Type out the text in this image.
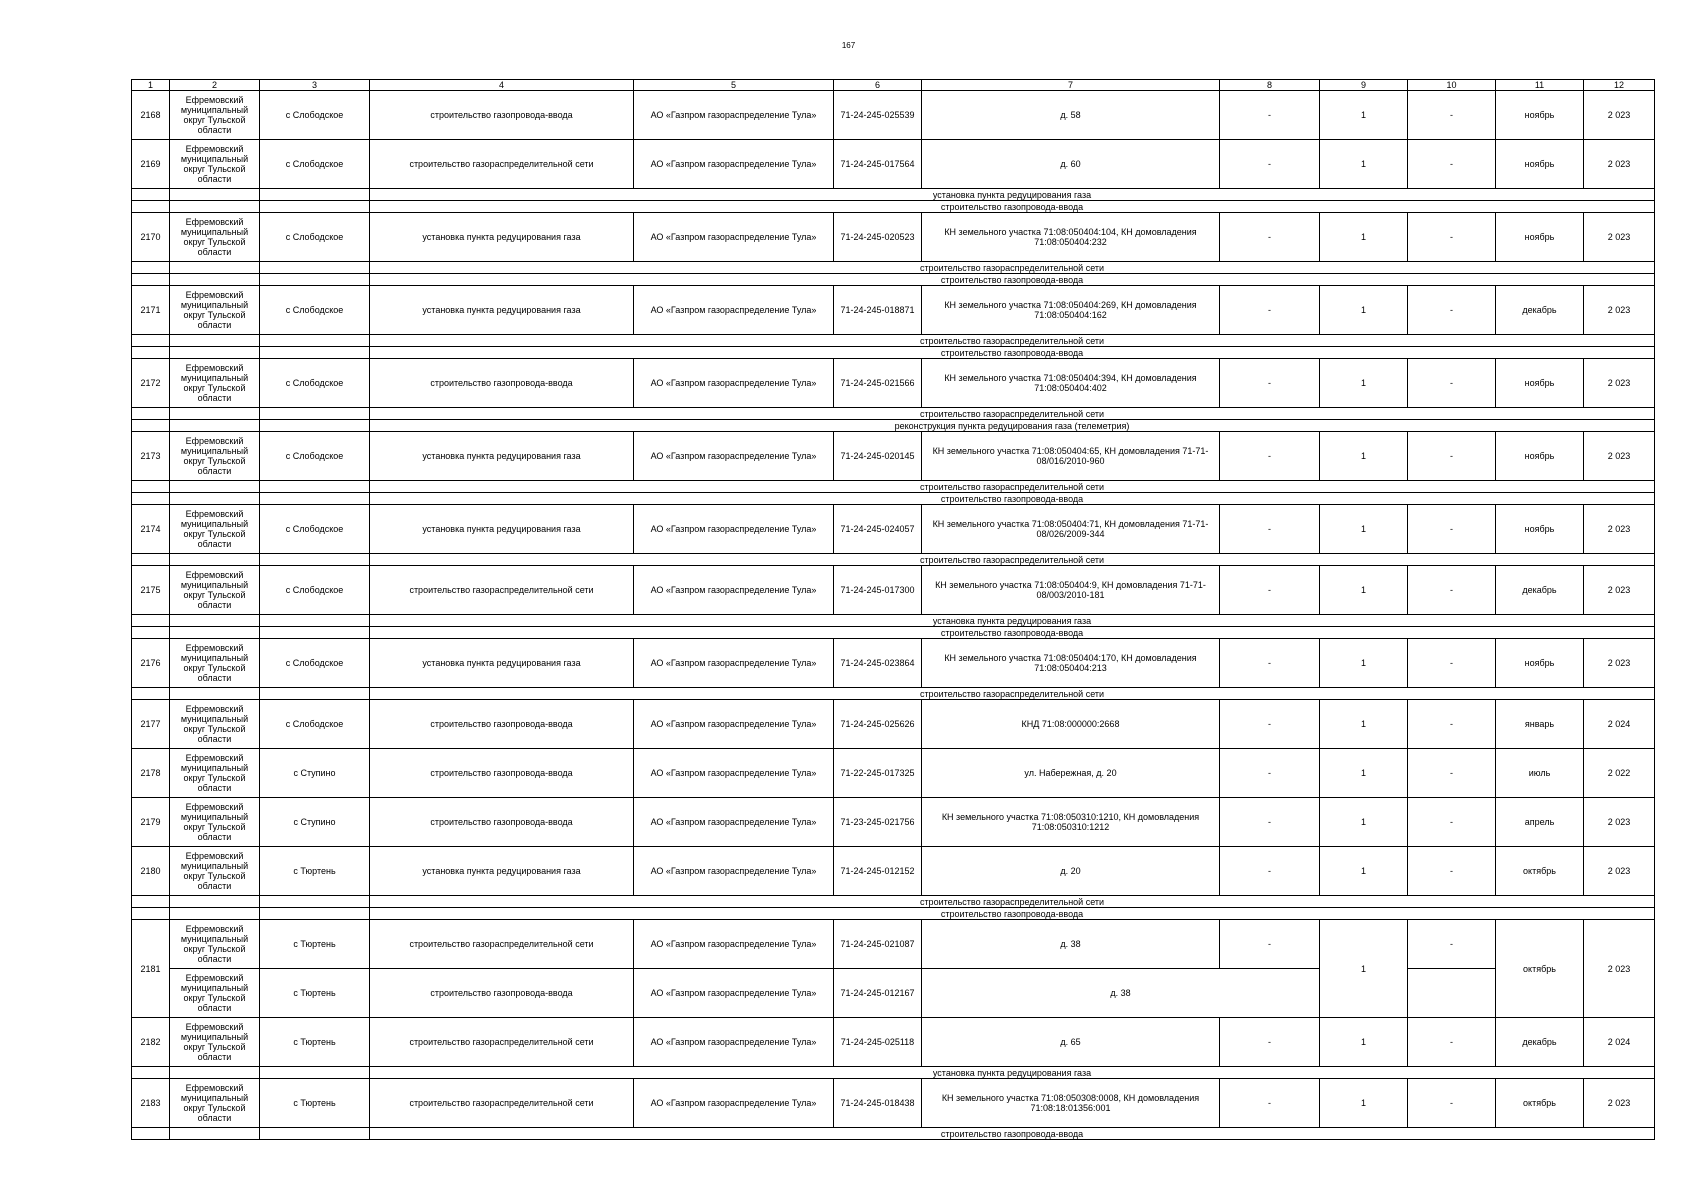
167
1	2	3	4	5	6	7	8	9	10	11	12
2168	Ефремовский муниципальный округ Тульской области	с Слободское	строительство газопровода-ввода	АО «Газпром газораспределение Тула»	71-24-245-025539	д. 58	-	1	-	ноябрь	2 023
2169	Ефремовский муниципальный округ Тульской области	с Слободское	строительство газораспределительной сети	АО «Газпром газораспределение Тула»	71-24-245-017564	д. 60	-	1	-	ноябрь	2 023
			установка пункта редуцирования газа								
			строительство газопровода-ввода								
2170	Ефремовский муниципальный округ Тульской области	с Слободское	установка пункта редуцирования газа	АО «Газпром газораспределение Тула»	71-24-245-020523	КН земельного участка 71:08:050404:104, КН домовладения 71:08:050404:232	-	1	-	ноябрь	2 023
			строительство газораспределительной сети								
			строительство газопровода-ввода								
2171	Ефремовский муниципальный округ Тульской области	с Слободское	установка пункта редуцирования газа	АО «Газпром газораспределение Тула»	71-24-245-018871	КН земельного участка 71:08:050404:269, КН домовладения 71:08:050404:162	-	1	-	декабрь	2 023
			строительство газораспределительной сети								
			строительство газопровода-ввода								
2172	Ефремовский муниципальный округ Тульской области	с Слободское	строительство газопровода-ввода	АО «Газпром газораспределение Тула»	71-24-245-021566	КН земельного участка 71:08:050404:394, КН домовладения 71:08:050404:402	-	1	-	ноябрь	2 023
			строительство газораспределительной сети								
			реконструкция пункта редуцирования газа (телеметрия)								
2173	Ефремовский муниципальный округ Тульской области	с Слободское	установка пункта редуцирования газа	АО «Газпром газораспределение Тула»	71-24-245-020145	КН земельного участка 71:08:050404:65, КН домовладения 71-71-08/016/2010-960	-	1	-	ноябрь	2 023
			строительство газораспределительной сети								
			строительство газопровода-ввода								
2174	Ефремовский муниципальный округ Тульской области	с Слободское	установка пункта редуцирования газа	АО «Газпром газораспределение Тула»	71-24-245-024057	КН земельного участка 71:08:050404:71, КН домовладения 71-71-08/026/2009-344	-	1	-	ноябрь	2 023
			строительство газораспределительной сети								
2175	Ефремовский муниципальный округ Тульской области	с Слободское	строительство газораспределительной сети	АО «Газпром газораспределение Тула»	71-24-245-017300	КН земельного участка 71:08:050404:9, КН домовладения 71-71-08/003/2010-181	-	1	-	декабрь	2 023
			установка пункта редуцирования газа								
			строительство газопровода-ввода								
2176	Ефремовский муниципальный округ Тульской области	с Слободское	установка пункта редуцирования газа	АО «Газпром газораспределение Тула»	71-24-245-023864	КН земельного участка 71:08:050404:170, КН домовладения 71:08:050404:213	-	1	-	ноябрь	2 023
			строительство газораспределительной сети								
2177	Ефремовский муниципальный округ Тульской области	с Слободское	строительство газопровода-ввода	АО «Газпром газораспределение Тула»	71-24-245-025626	КНД 71:08:000000:2668	-	1	-	январь	2 024
2178	Ефремовский муниципальный округ Тульской области	с Ступино	строительство газопровода-ввода	АО «Газпром газораспределение Тула»	71-22-245-017325	ул. Набережная, д. 20	-	1	-	июль	2 022
2179	Ефремовский муниципальный округ Тульской области	с Ступино	строительство газопровода-ввода	АО «Газпром газораспределение Тула»	71-23-245-021756	КН земельного участка 71:08:050310:1210, КН домовладения 71:08:050310:1212	-	1	-	апрель	2 023
2180	Ефремовский муниципальный округ Тульской области	с Тюртень	установка пункта редуцирования газа	АО «Газпром газораспределение Тула»	71-24-245-012152	д. 20	-	1	-	октябрь	2 023
			строительство газораспределительной сети								
			строительство газопровода-ввода								
2181	Ефремовский муниципальный округ Тульской области	с Тюртень	строительство газораспределительной сети	АО «Газпром газораспределение Тула»	71-24-245-021087	д. 38	-	1	-	октябрь	2 023
	Ефремовский муниципальный округ Тульской области	с Тюртень	строительство газопровода-ввода	АО «Газпром газораспределение Тула»	71-24-245-012167	д. 38					
2182	Ефремовский муниципальный округ Тульской области	с Тюртень	строительство газораспределительной сети	АО «Газпром газораспределение Тула»	71-24-245-025118	д. 65	-	1	-	декабрь	2 024
			установка пункта редуцирования газа								
2183	Ефремовский муниципальный округ Тульской области	с Тюртень	строительство газораспределительной сети	АО «Газпром газораспределение Тула»	71-24-245-018438	КН земельного участка 71:08:050308:0008, КН домовладения 71:08:18:01356:001	-	1	-	октябрь	2 023
			строительство газопровода-ввода								
